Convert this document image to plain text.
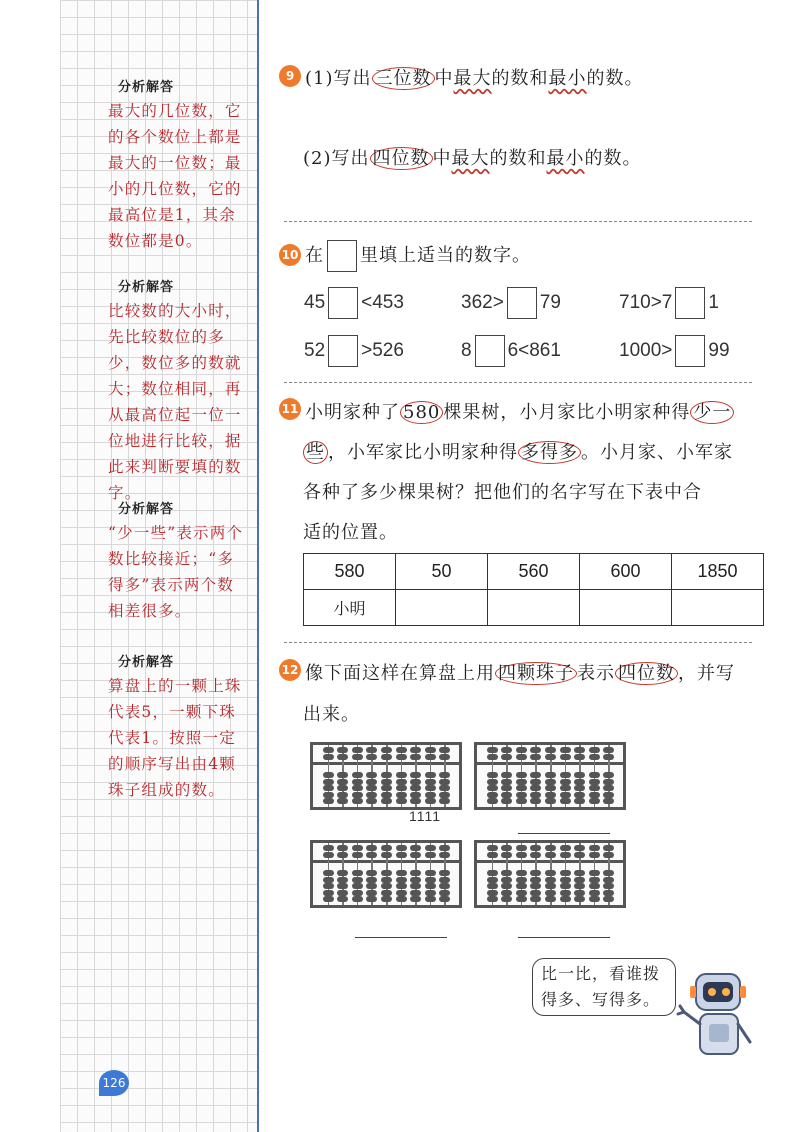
分析解答
最大的几位数，它的各个数位上都是最大的一位数；最小的几位数，它的最高位是1，其余数位都是0。
分析解答
比较数的大小时，先比较数位的多少，数位多的数就大；数位相同，再从最高位起一位一位地进行比较，据此来判断要填的数字。
分析解答
“少一些”表示两个数比较接近；“多得多”表示两个数相差很多。
分析解答
算盘上的一颗上珠代表5，一颗下珠代表1。按照一定的顺序写出由4颗珠子组成的数。
126
9 (1)写出 三位数 中最大的数和最小的数。
(2)写出 四位数 中最大的数和最小的数。
10 在 里填上适当的数字。
45 <453	362> 79	710>7 1
52 >526	8 6<861	1000> 99
11 小明家种了 580 棵果树，小月家比小明家种得 少一
些 ，小军家比小明家种得 多得多 。小月家、小军家
各种了多少棵果树？把他们的名字写在下表中合
适的位置。
580	50	560	600	1850
小明				
12 像下面这样在算盘上用 四颗珠子 表示 四位数 ，并写
出来。
1111
比一比，看谁拨得多、写得多。
